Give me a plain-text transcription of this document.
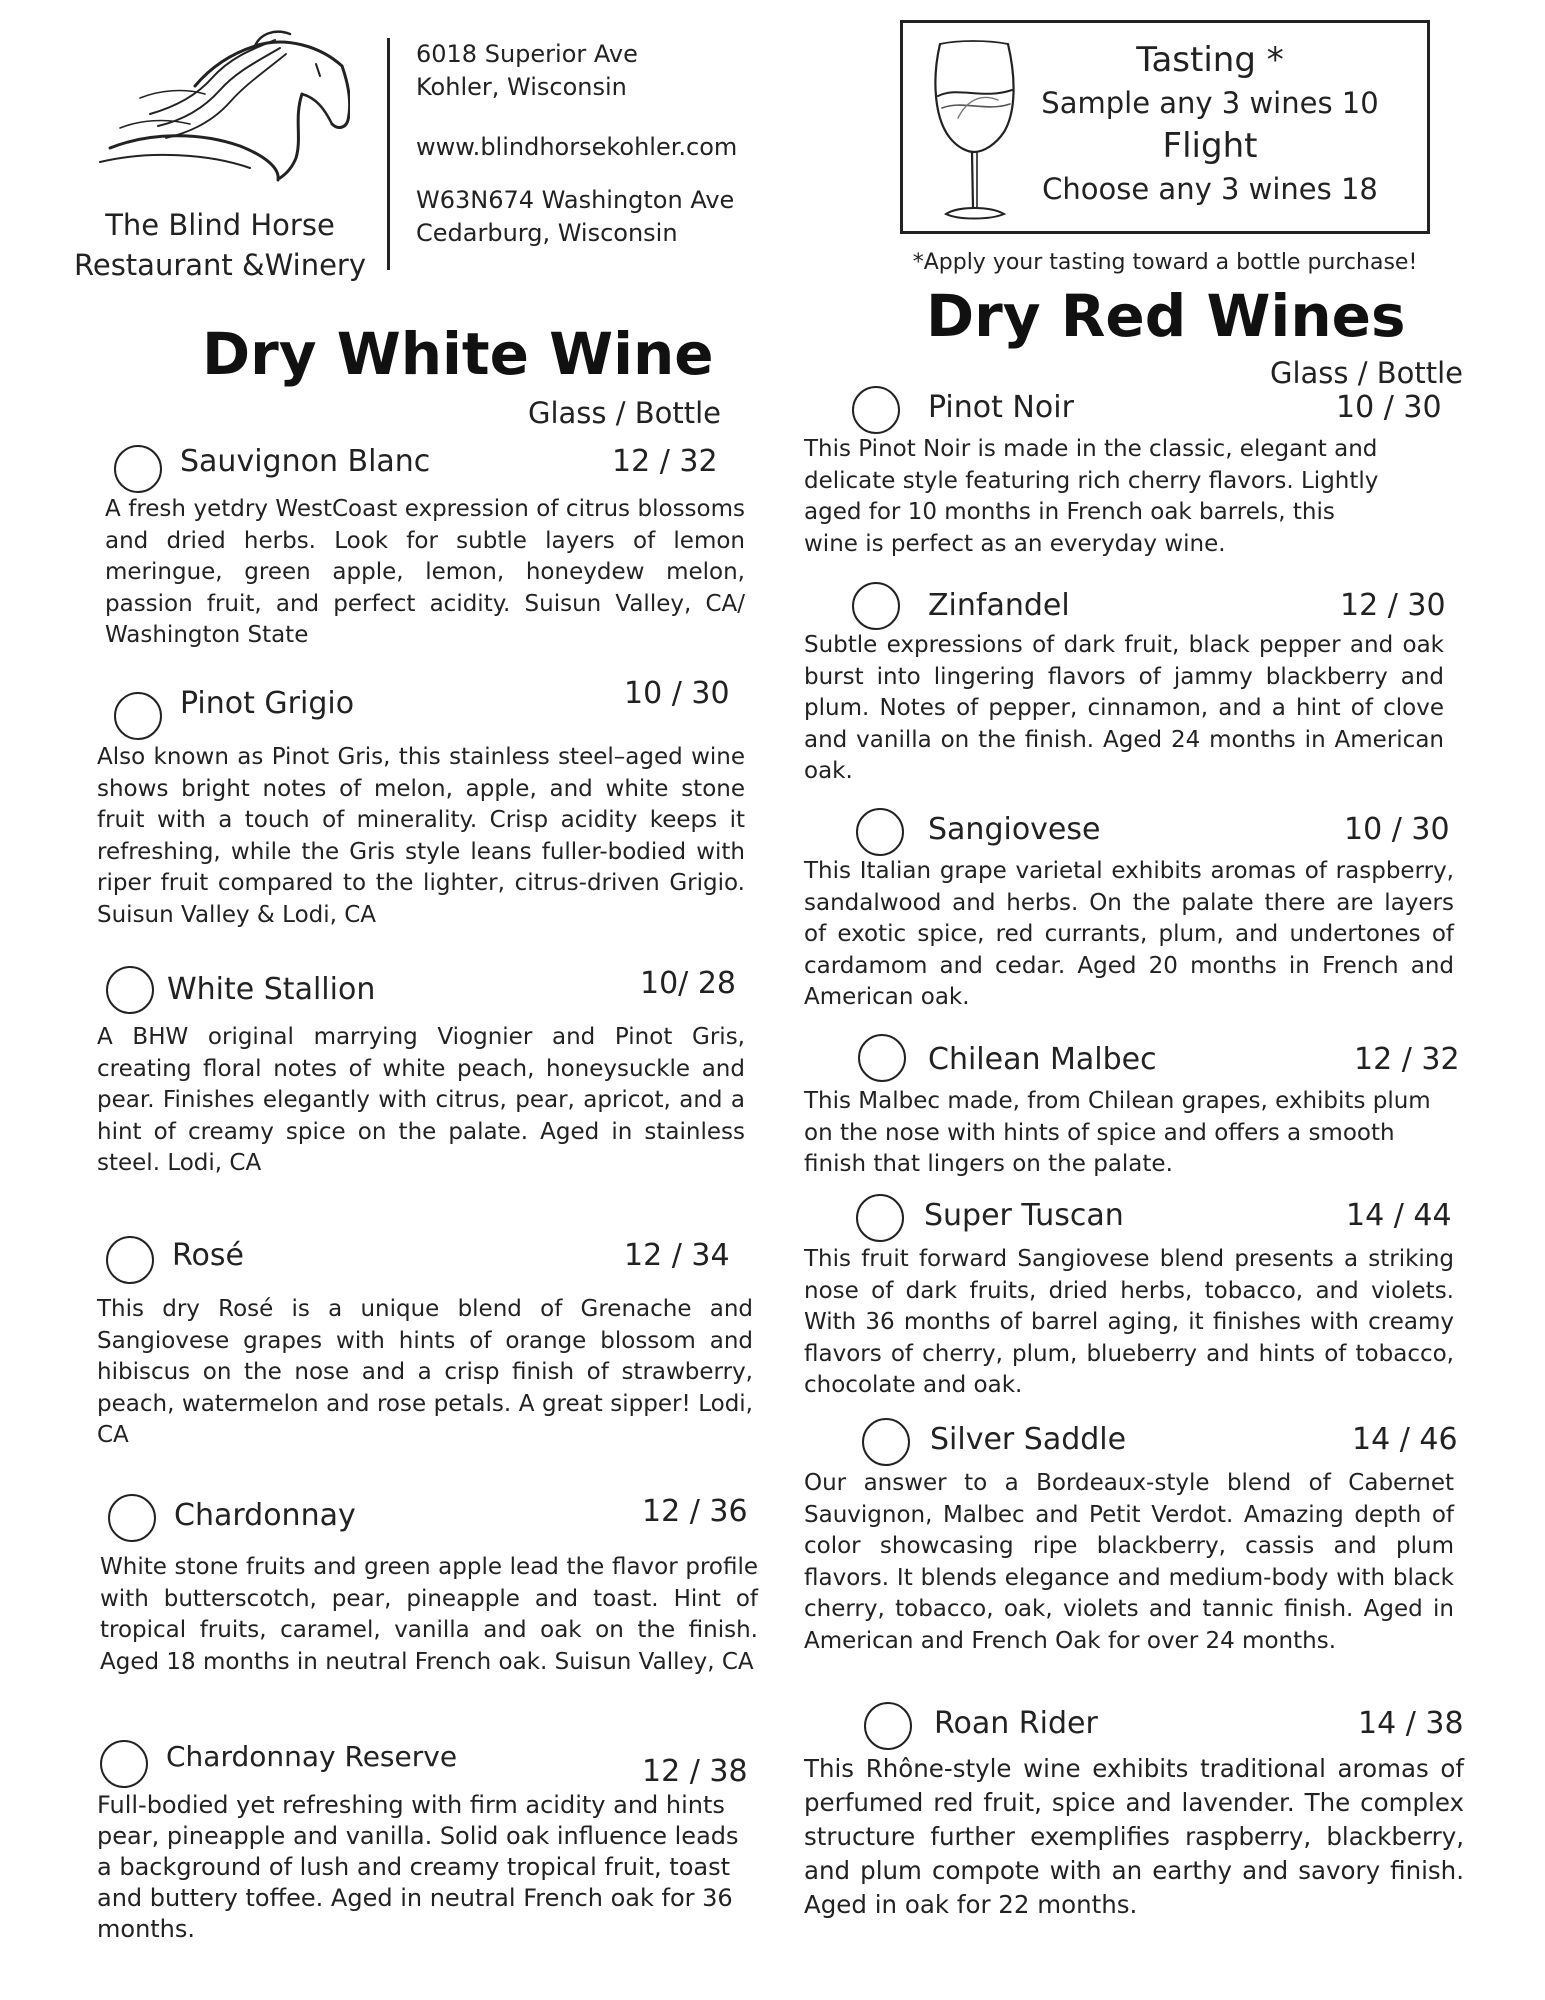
The Blind Horse
Restaurant &Winery
6018 Superior Ave
Kohler, Wisconsin
www.blindhorsekohler.com
W63N674 Washington Ave
Cedarburg, Wisconsin
Tasting *
Sample any 3 wines 10
Flight
Choose any 3 wines 18
*Apply your tasting toward a bottle purchase!
Dry White Wine
Glass / Bottle
Dry Red Wines
Glass / Bottle
Sauvignon Blanc	12 / 32
A fresh yetdry WestCoast expression of citrus blossoms and dried herbs. Look for subtle layers of lemon meringue, green apple, lemon, honeydew melon, passion fruit, and perfect acidity. Suisun Valley, CA/ Washington State
Pinot Grigio	10 / 30
Also known as Pinot Gris, this stainless steel–aged wine shows bright notes of melon, apple, and white stone fruit with a touch of minerality. Crisp acidity keeps it refreshing, while the Gris style leans fuller-bodied with riper fruit compared to the lighter, citrus-driven Grigio. Suisun Valley & Lodi, CA
White Stallion	10/ 28
A BHW original marrying Viognier and Pinot Gris, creating floral notes of white peach, honeysuckle and pear. Finishes elegantly with citrus, pear, apricot, and a hint of creamy spice on the palate. Aged in stainless steel. Lodi, CA
Rosé	12 / 34
This dry Rosé is a unique blend of Grenache and Sangiovese grapes with hints of orange blossom and hibiscus on the nose and a crisp finish of strawberry, peach, watermelon and rose petals. A great sipper! Lodi, CA
Chardonnay	12 / 36
White stone fruits and green apple lead the flavor profile with butterscotch, pear, pineapple and toast. Hint of tropical fruits, caramel, vanilla and oak on the finish. Aged 18 months in neutral French oak. Suisun Valley, CA
Chardonnay Reserve	12 / 38
Full-bodied yet refreshing with firm acidity and hints pear, pineapple and vanilla. Solid oak influence leads a background of lush and creamy tropical fruit, toast and buttery toffee. Aged in neutral French oak for 36 months.
Pinot Noir	10 / 30
This Pinot Noir is made in the classic, elegant and delicate style featuring rich cherry flavors. Lightly aged for 10 months in French oak barrels, this wine is perfect as an everyday wine.
Zinfandel	12 / 30
Subtle expressions of dark fruit, black pepper and oak burst into lingering flavors of jammy blackberry and plum. Notes of pepper, cinnamon, and a hint of clove and vanilla on the finish. Aged 24 months in American oak.
Sangiovese	10 / 30
This Italian grape varietal exhibits aromas of raspberry, sandalwood and herbs. On the palate there are layers of exotic spice, red currants, plum, and undertones of cardamom and cedar. Aged 20 months in French and American oak.
Chilean Malbec	12 / 32
This Malbec made, from Chilean grapes, exhibits plum on the nose with hints of spice and offers a smooth finish that lingers on the palate.
Super Tuscan	14 / 44
This fruit forward Sangiovese blend presents a striking nose of dark fruits, dried herbs, tobacco, and violets. With 36 months of barrel aging, it finishes with creamy flavors of cherry, plum, blueberry and hints of tobacco, chocolate and oak.
Silver Saddle	14 / 46
Our answer to a Bordeaux-style blend of Cabernet Sauvignon, Malbec and Petit Verdot. Amazing depth of color showcasing ripe blackberry, cassis and plum flavors. It blends elegance and medium-body with black cherry, tobacco, oak, violets and tannic finish. Aged in American and French Oak for over 24 months.
Roan Rider	14 / 38
This Rhône-style wine exhibits traditional aromas of perfumed red fruit, spice and lavender. The complex structure further exemplifies raspberry, blackberry, and plum compote with an earthy and savory finish. Aged in oak for 22 months.
